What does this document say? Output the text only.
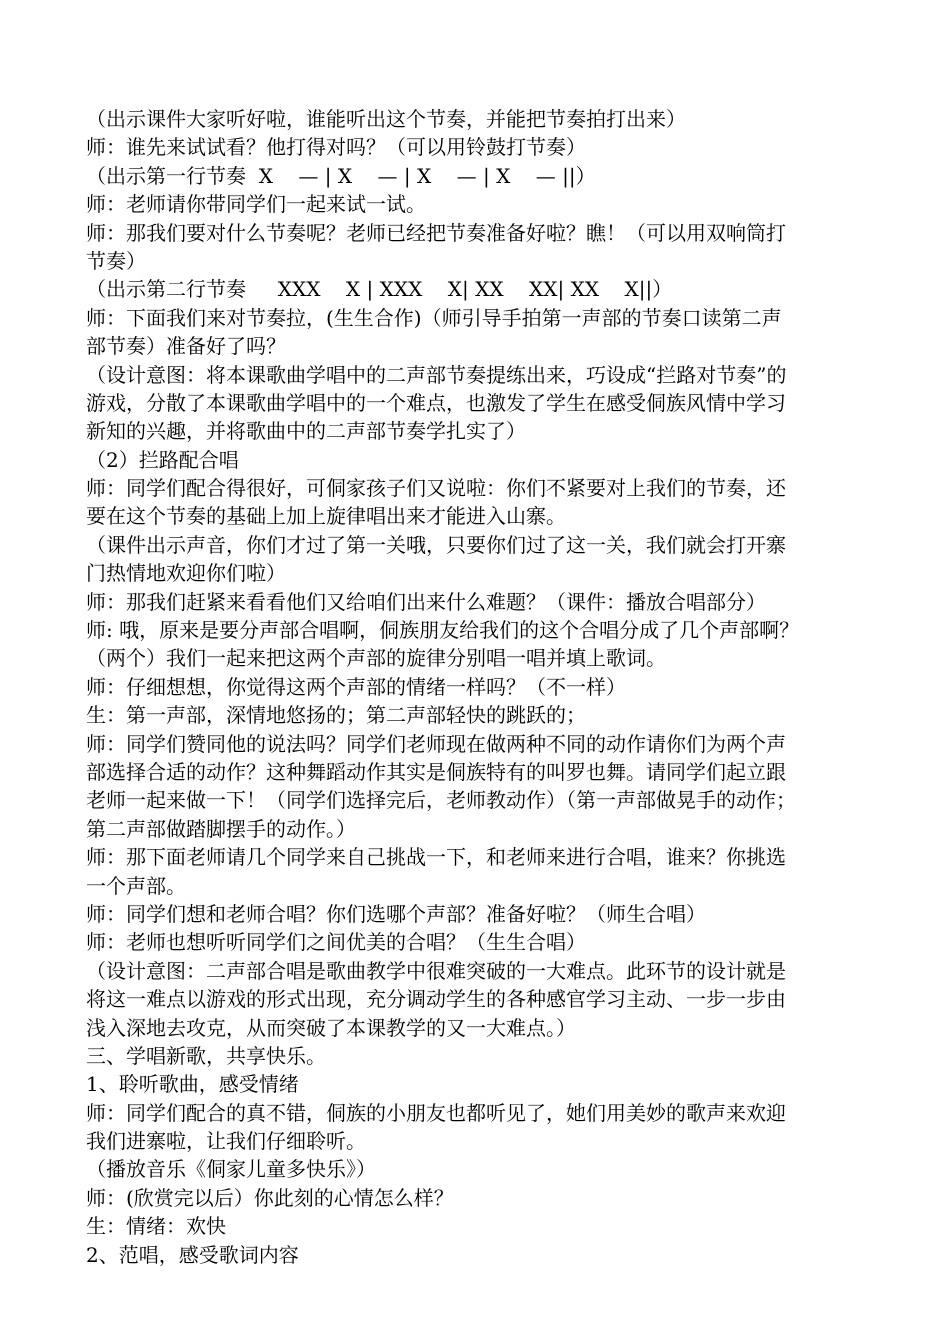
（出示课件大家听好啦，谁能听出这个节奏，并能把节奏拍打出来）
师：谁先来试试看？他打得对吗？（可以用铃鼓打节奏）
（出示第一行节奏  X    — | X    — | X    — | X    — ||）
师：老师请你带同学们一起来试一试。
师：那我们要对什么节奏呢？老师已经把节奏准备好啦？瞧！（可以用双响筒打
节奏）
（出示第二行节奏     XXX    X | XXX    X| XX    XX| XX    X||）
师：下面我们来对节奏拉，(生生合作)（师引导手拍第一声部的节奏口读第二声
部节奏）准备好了吗？
（设计意图：将本课歌曲学唱中的二声部节奏提练出来，巧设成“拦路对节奏”的
游戏，分散了本课歌曲学唱中的一个难点，也激发了学生在感受侗族风情中学习
新知的兴趣，并将歌曲中的二声部节奏学扎实了）
（2）拦路配合唱
师：同学们配合得很好，可侗家孩子们又说啦：你们不紧要对上我们的节奏，还
要在这个节奏的基础上加上旋律唱出来才能进入山寨。
（课件出示声音，你们才过了第一关哦，只要你们过了这一关，我们就会打开寨
门热情地欢迎你们啦）
师：那我们赶紧来看看他们又给咱们出来什么难题？（课件：播放合唱部分）
师: 哦，原来是要分声部合唱啊，侗族朋友给我们的这个合唱分成了几个声部啊？
（两个）我们一起来把这两个声部的旋律分别唱一唱并填上歌词。
师：仔细想想，你觉得这两个声部的情绪一样吗？（不一样）
生：第一声部，深情地悠扬的；第二声部轻快的跳跃的；
师：同学们赞同他的说法吗？同学们老师现在做两种不同的动作请你们为两个声
部选择合适的动作？这种舞蹈动作其实是侗族特有的叫罗也舞。请同学们起立跟
老师一起来做一下！（同学们选择完后，老师教动作）（第一声部做晃手的动作；
第二声部做踏脚摆手的动作。）
师：那下面老师请几个同学来自己挑战一下，和老师来进行合唱，谁来？你挑选
一个声部。
师：同学们想和老师合唱？你们选哪个声部？准备好啦？（师生合唱）
师：老师也想听听同学们之间优美的合唱？（生生合唱）
（设计意图：二声部合唱是歌曲教学中很难突破的一大难点。此环节的设计就是
将这一难点以游戏的形式出现，充分调动学生的各种感官学习主动、一步一步由
浅入深地去攻克，从而突破了本课教学的又一大难点。）
三、学唱新歌，共享快乐。
1、聆听歌曲，感受情绪
师：同学们配合的真不错，侗族的小朋友也都听见了，她们用美妙的歌声来欢迎
我们进寨啦，让我们仔细聆听。
（播放音乐《侗家儿童多快乐》）
师：(欣赏完以后）你此刻的心情怎么样？
生：情绪：欢快
2、范唱，感受歌词内容
